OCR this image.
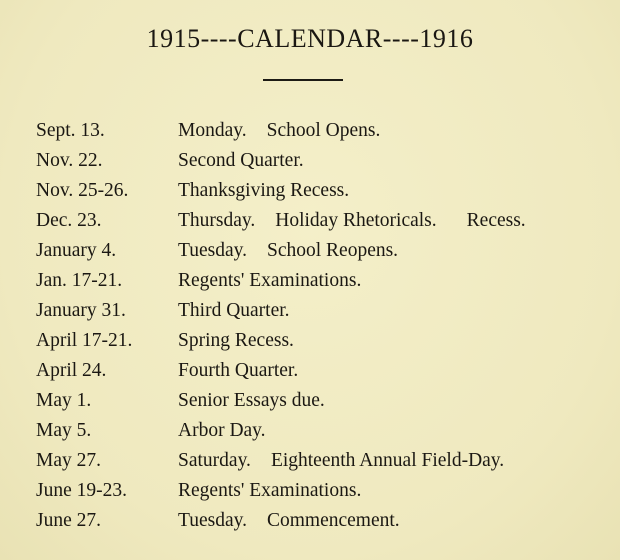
1915----CALENDAR----1916
Sept. 13.	Monday. School Opens.
Nov. 22.	Second Quarter.
Nov. 25-26.	Thanksgiving Recess.
Dec. 23.	Thursday. Holiday Rhetoricals. Recess.
January 4.	Tuesday. School Reopens.
Jan. 17-21.	Regents' Examinations.
January 31.	Third Quarter.
April 17-21. Spring Recess.
April 24.	Fourth Quarter.
May 1.	Senior Essays due.
May 5.	Arbor Day.
May 27.	Saturday. Eighteenth Annual Field-Day.
June 19-23.	Regents' Examinations.
June 27.	Tuesday. Commencement.
